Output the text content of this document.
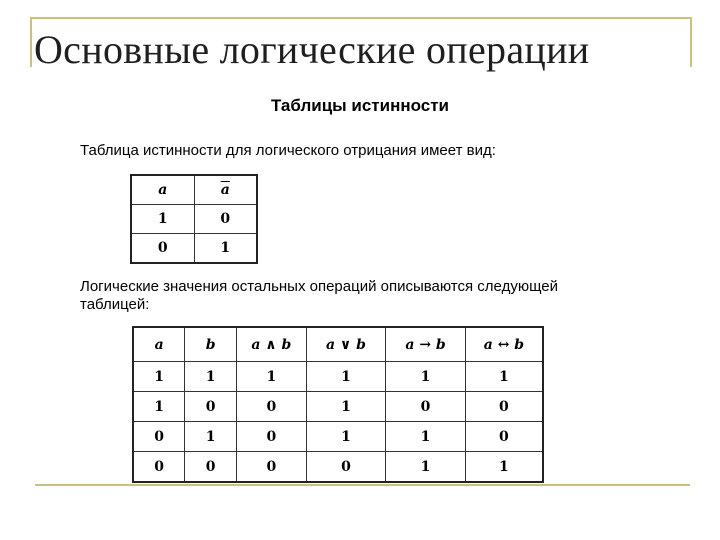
Основные логические операции
Таблицы истинности
Таблица истинности для логического отрицания имеет вид:
a	$\overline{a}$
1	0
0	1
Логические значения остальных операций описываются следующей таблицей:
a	b	a ∧ b	a ∨ b	a → b	a ↔ b
1	1	1	1	1	1
1	0	0	1	0	0
0	1	0	1	1	0
0	0	0	0	1	1
